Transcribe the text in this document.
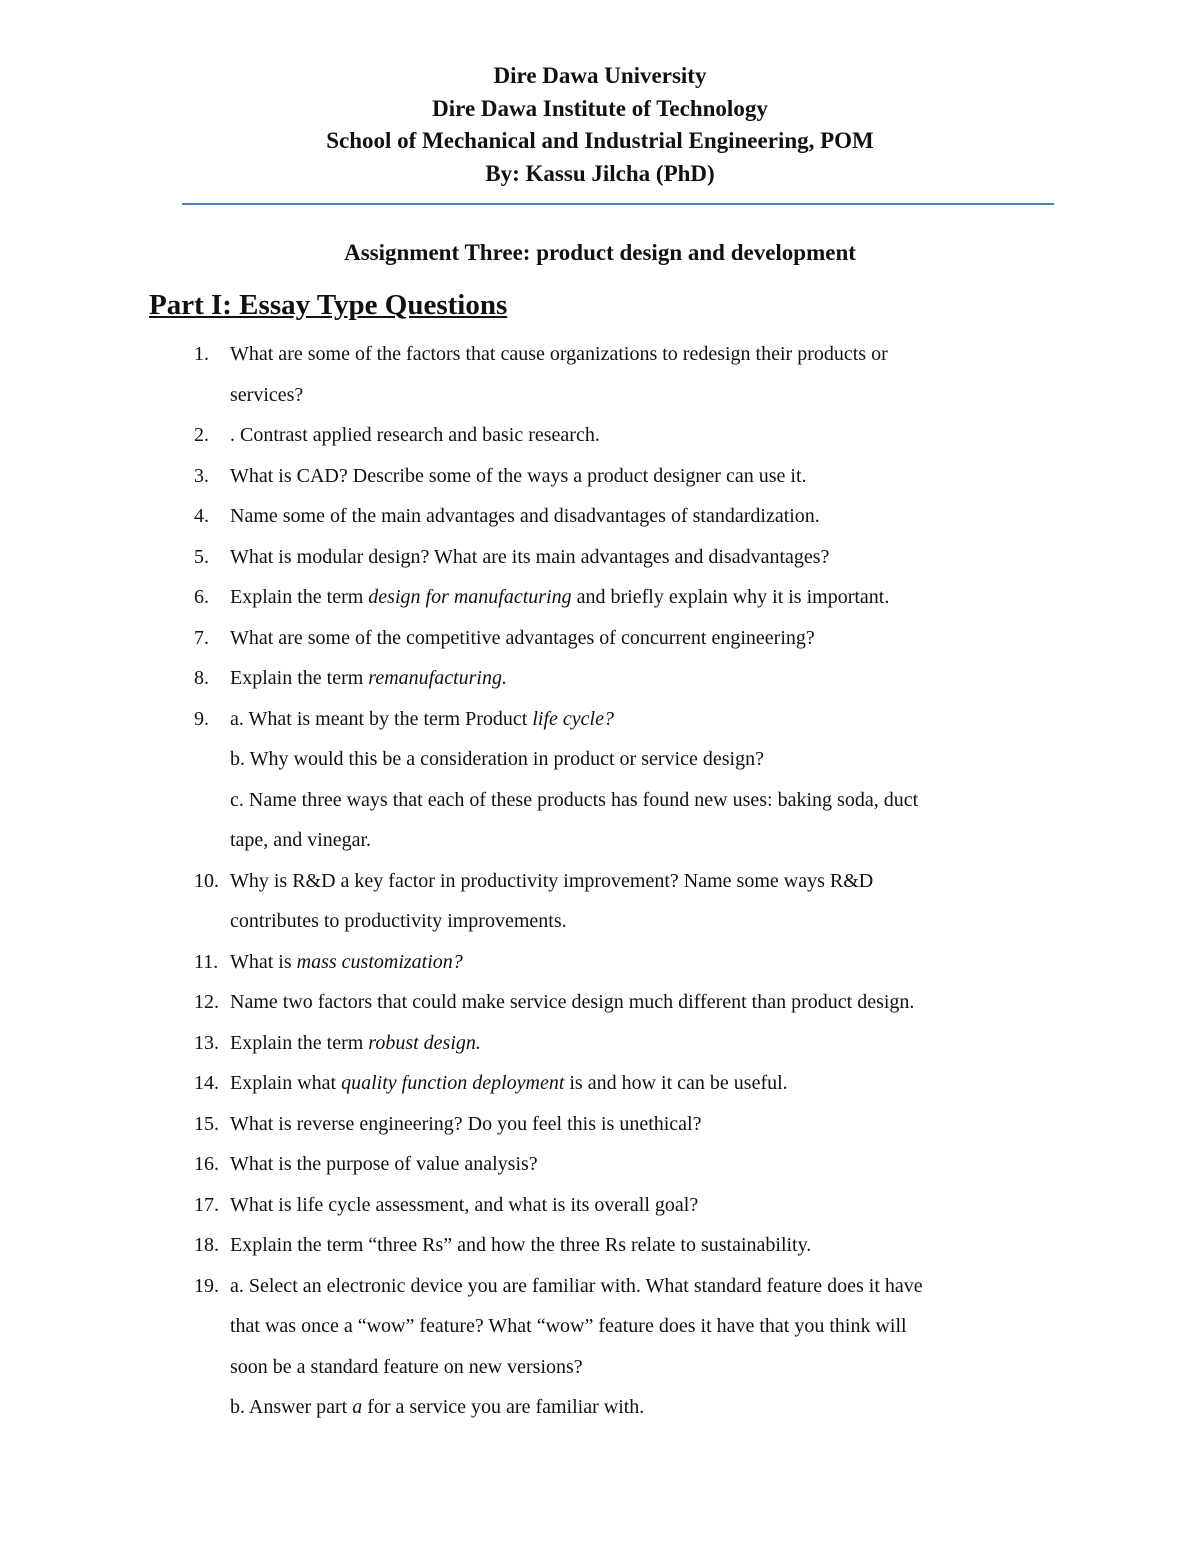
Dire Dawa University
Dire Dawa Institute of Technology
School of Mechanical and Industrial Engineering, POM
By: Kassu Jilcha (PhD)
Assignment Three: product design and development
Part I: Essay Type Questions
1. What are some of the factors that cause organizations to redesign their products or
services?
2. . Contrast applied research and basic research.
3. What is CAD? Describe some of the ways a product designer can use it.
4. Name some of the main advantages and disadvantages of standardization.
5. What is modular design? What are its main advantages and disadvantages?
6. Explain the term design for manufacturing and briefly explain why it is important.
7. What are some of the competitive advantages of concurrent engineering?
8. Explain the term remanufacturing.
9. a. What is meant by the term Product life cycle?
b. Why would this be a consideration in product or service design?
c. Name three ways that each of these products has found new uses: baking soda, duct
tape, and vinegar.
10. Why is R&D a key factor in productivity improvement? Name some ways R&D
contributes to productivity improvements.
11. What is mass customization?
12. Name two factors that could make service design much different than product design.
13. Explain the term robust design.
14. Explain what quality function deployment is and how it can be useful.
15. What is reverse engineering? Do you feel this is unethical?
16. What is the purpose of value analysis?
17. What is life cycle assessment, and what is its overall goal?
18. Explain the term “three Rs” and how the three Rs relate to sustainability.
19. a. Select an electronic device you are familiar with. What standard feature does it have
that was once a “wow” feature? What “wow” feature does it have that you think will
soon be a standard feature on new versions?
b. Answer part a for a service you are familiar with.
